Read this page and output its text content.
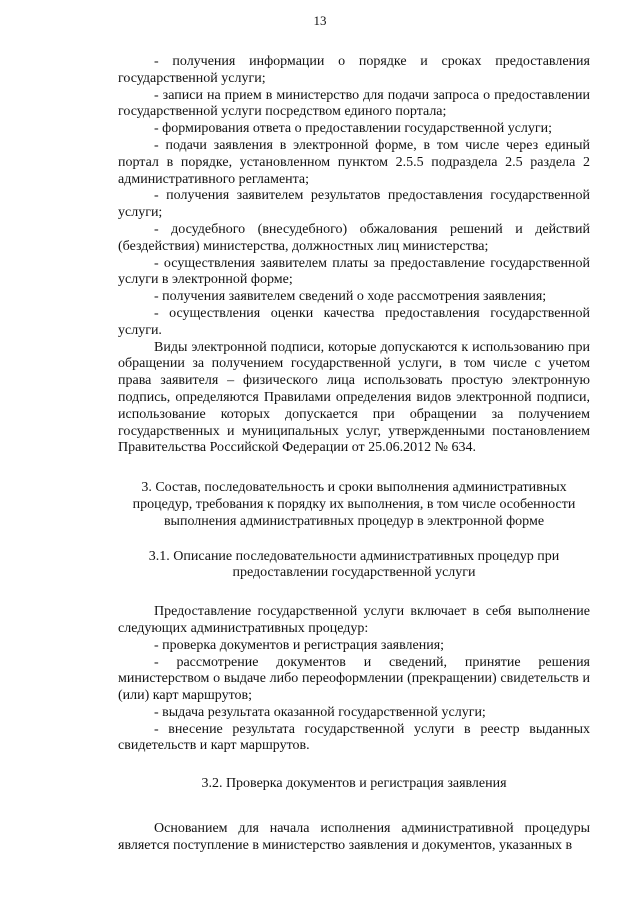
13

- получения информации о порядке и сроках предоставления государственной услуги;

- записи на прием в министерство для подачи запроса о предоставлении государственной услуги посредством единого портала;

- формирования ответа о предоставлении государственной услуги;

- подачи заявления в электронной форме, в том числе через единый портал в порядке, установленном пунктом 2.5.5 подраздела 2.5 раздела 2 административного регламента;

- получения заявителем результатов предоставления государственной услуги;

- досудебного (внесудебного) обжалования решений и действий (бездействия) министерства, должностных лиц министерства;

- осуществления заявителем платы за предоставление государственной услуги в электронной форме;

- получения заявителем сведений о ходе рассмотрения заявления;

- осуществления оценки качества предоставления государственной услуги.

Виды электронной подписи, которые допускаются к использованию при обращении за получением государственной услуги, в том числе с учетом права заявителя – физического лица использовать простую электронную подпись, определяются Правилами определения видов электронной подписи, использование которых допускается при обращении за получением государственных и муниципальных услуг, утвержденными постановлением Правительства Российской Федерации от 25.06.2012 № 634.

3. Состав, последовательность и сроки выполнения административных процедур, требования к порядку их выполнения, в том числе особенности выполнения административных процедур в электронной форме

3.1. Описание последовательности административных процедур при предоставлении государственной услуги

Предоставление государственной услуги включает в себя выполнение следующих административных процедур:

- проверка документов и регистрация заявления;

- рассмотрение документов и сведений, принятие решения министерством о выдаче либо переоформлении (прекращении) свидетельств и (или) карт маршрутов;

- выдача результата оказанной государственной услуги;

- внесение результата государственной услуги в реестр выданных свидетельств и карт маршрутов.

3.2. Проверка документов и регистрация заявления

Основанием для начала исполнения административной процедуры является поступление в министерство заявления и документов, указанных в
